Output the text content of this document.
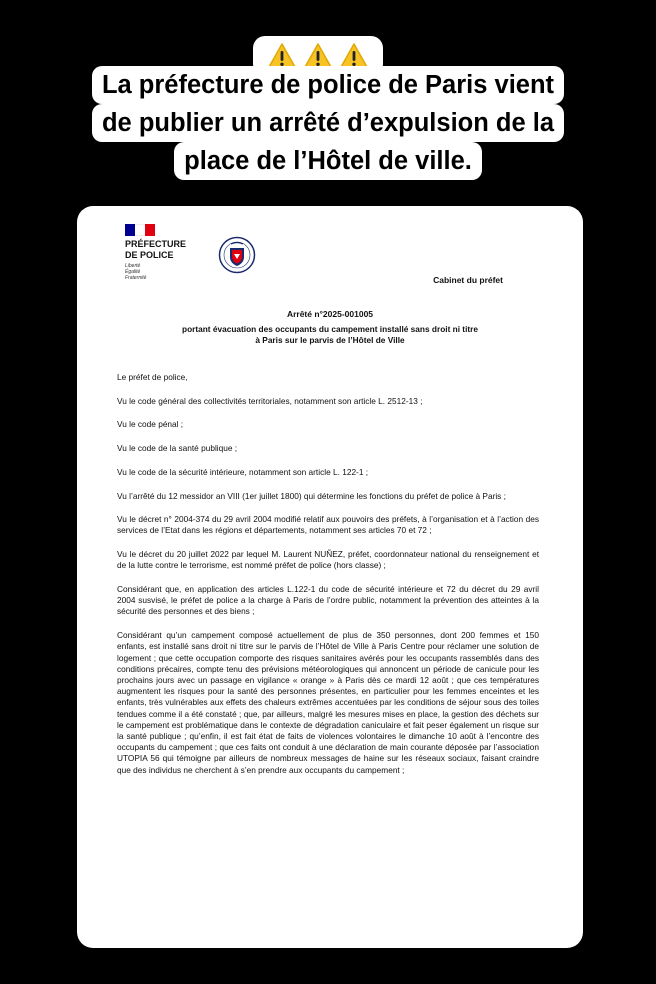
La préfecture de police de Paris vient
de publier un arrêté d’expulsion de la
place de l’Hôtel de ville.
PRÉFECTURE
DE POLICE
Liberté
Égalité
Fraternité	Cabinet du préfet
Arrêté n°2025-001005
portant évacuation des occupants du campement installé sans droit ni titre à Paris sur le parvis de l’Hôtel de Ville

Le préfet de police,

Vu le code général des collectivités territoriales, notamment son article L. 2512-13 ;

Vu le code pénal ;

Vu le code de la santé publique ;

Vu le code de la sécurité intérieure, notamment son article L. 122-1 ;

Vu l’arrêté du 12 messidor an VIII (1er juillet 1800) qui détermine les fonctions du préfet de police à Paris ;

Vu le décret n° 2004-374 du 29 avril 2004 modifié relatif aux pouvoirs des préfets, à l’organisation et à l’action des services de l’Etat dans les régions et départements, notamment ses articles 70 et 72 ;

Vu le décret du 20 juillet 2022 par lequel M. Laurent NUÑEZ, préfet, coordonnateur national du renseignement et de la lutte contre le terrorisme, est nommé préfet de police (hors classe) ;

Considérant que, en application des articles L.122-1 du code de sécurité intérieure et 72 du décret du 29 avril 2004 susvisé, le préfet de police a la charge à Paris de l’ordre public, notamment la prévention des atteintes à la sécurité des personnes et des biens ;

Considérant qu’un campement composé actuellement de plus de 350 personnes, dont 200 femmes et 150 enfants, est installé sans droit ni titre sur le parvis de l’Hôtel de Ville à Paris Centre pour réclamer une solution de logement ; que cette occupation comporte des risques sanitaires avérés pour les occupants rassemblés dans des conditions précaires, compte tenu des prévisions météorologiques qui annoncent un période de canicule pour les prochains jours avec un passage en vigilance « orange » à Paris dès ce mardi 12 août ; que ces températures augmentent les risques pour la santé des personnes présentes, en particulier pour les femmes enceintes et les enfants, très vulnérables aux effets des chaleurs extrêmes accentuées par les conditions de séjour sous des toiles tendues comme il a été constaté ; que, par ailleurs, malgré les mesures mises en place, la gestion des déchets sur le campement est problématique dans le contexte de dégradation caniculaire et fait peser également un risque sur la santé publique ; qu’enfin, il est fait état de faits de violences volontaires le dimanche 10 août à l’encontre des occupants du campement ; que ces faits ont conduit à une déclaration de main courante déposée par l’association UTOPIA 56 qui témoigne par ailleurs de nombreux messages de haine sur les réseaux sociaux, faisant craindre que des individus ne cherchent à s’en prendre aux occupants du campement ;
